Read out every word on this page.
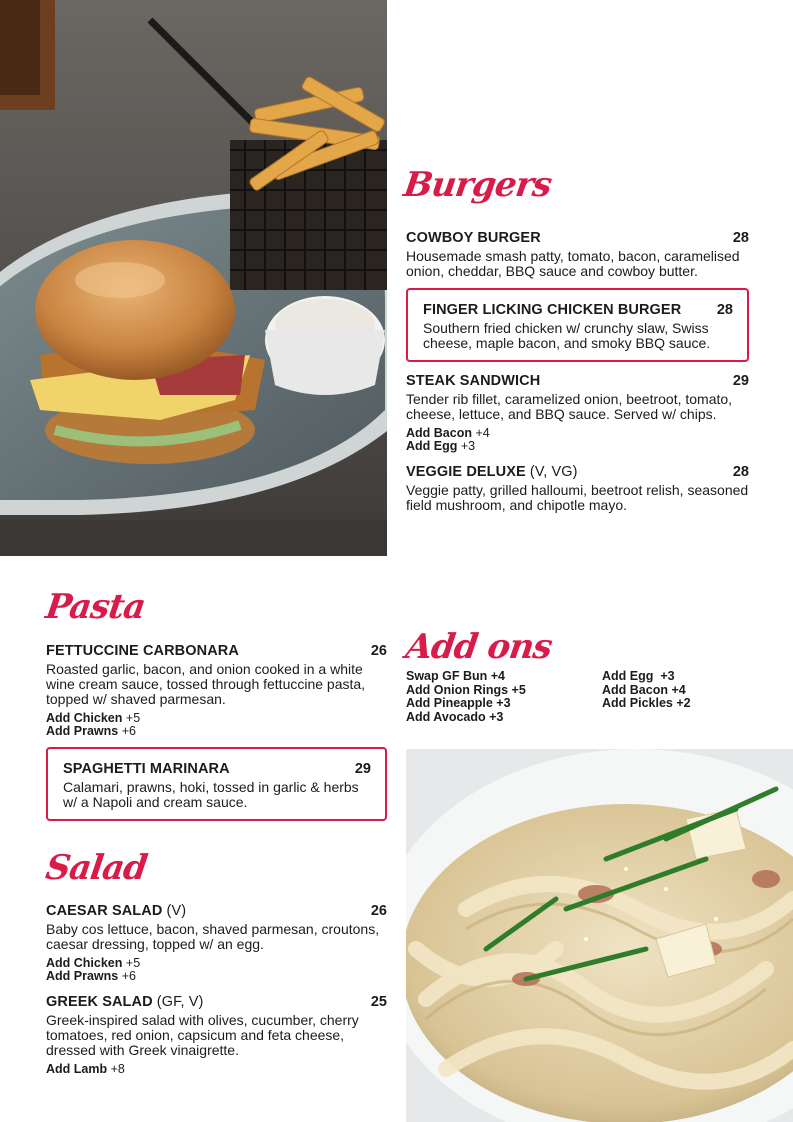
Burgers
COWBOY BURGER	28
Housemade smash patty, tomato, bacon, caramelised onion, cheddar, BBQ sauce and cowboy butter.
FINGER LICKING CHICKEN BURGER 28
Southern fried chicken w/ crunchy slaw, Swiss cheese, maple bacon, and smoky BBQ sauce.
STEAK SANDWICH	29
Tender rib fillet, caramelized onion, beetroot, tomato, cheese, lettuce, and BBQ sauce. Served w/ chips.
Add Bacon +4
Add Egg +3
VEGGIE DELUXE (V, VG)	28
Veggie patty, grilled halloumi, beetroot relish, seasoned field mushroom, and chipotle mayo.
Pasta
FETTUCCINE CARBONARA	26
Roasted garlic, bacon, and onion cooked in a white wine cream sauce, tossed through fettuccine pasta, topped w/ shaved parmesan.
Add Chicken +5
Add Prawns +6
SPAGHETTI MARINARA	29
Calamari, prawns, hoki, tossed in garlic & herbs w/ a Napoli and cream sauce.
Salad
CAESAR SALAD (V)	26
Baby cos lettuce, bacon, shaved parmesan, croutons, caesar dressing, topped w/ an egg.
Add Chicken +5
Add Prawns +6
GREEK SALAD (GF, V)	25
Greek-inspired salad with olives, cucumber, cherry tomatoes, red onion, capsicum and feta cheese, dressed with Greek vinaigrette.
Add Lamb +8
Add ons
Swap GF Bun +4
Add Onion Rings +5
Add Pineapple +3
Add Avocado +3
Add Egg  +3
Add Bacon +4
Add Pickles +2
